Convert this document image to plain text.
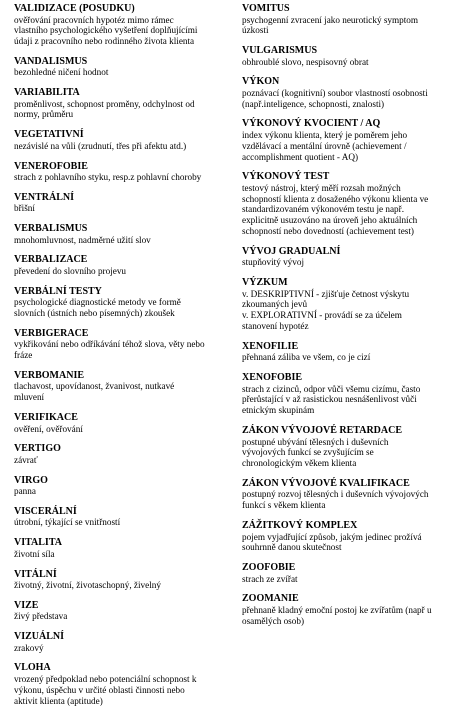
VALIDIZACE (POSUDKU)
ověřování pracovních hypotéz mimo rámec
vlastního psychologického vyšetření doplňujícími
údaji z pracovního nebo rodinného života klienta
VANDALISMUS
bezohledné ničení hodnot
VARIABILITA
proměnlivost, schopnost proměny, odchylnost od
normy, průměru
VEGETATIVNÍ
nezávislé na vůli (zrudnutí, třes při afektu atd.)
VENEROFOBIE
strach z pohlavního styku, resp.z pohlavní choroby
VENTRÁLNÍ
břišní
VERBALISMUS
mnohomluvnost, nadměrné užití slov
VERBALIZACE
převedení do slovního projevu
VERBÁLNÍ TESTY
psychologické diagnostické metody ve formě
slovních (ústních nebo písemných) zkoušek
VERBIGERACE
vykřikování nebo odříkávání téhož slova, věty nebo
fráze
VERBOMANIE
tlachavost, upovídanost, žvanivost, nutkavé
mluvení
VERIFIKACE
ověření, ověřování
VERTIGO
závrať
VIRGO
panna
VISCERÁLNÍ
útrobní, týkající se vnitřností
VITALITA
životní síla
VITÁLNÍ
životný, životní, životaschopný, živelný
VIZE
živý představa
VIZUÁLNÍ
zrakový
VLOHA
vrozený předpoklad nebo potenciální schopnost k
výkonu, úspěchu v určité oblasti činnosti nebo
aktivit klienta (aptitude)
VOMITUS
psychogenní zvracení jako neurotický symptom
úzkosti
VULGARISMUS
obhroublé slovo, nespisovný obrat
VÝKON
poznávací (kognitivní) soubor vlastností osobnosti
(např.inteligence, schopnosti, znalosti)
VÝKONOVÝ KVOCIENT / AQ
index výkonu klienta, který je poměrem jeho
vzdělávací a mentální úrovně (achievement /
accomplishment quotient - AQ)
VÝKONOVÝ TEST
testový nástroj, který měří rozsah možných
schopností klienta z dosaženého výkonu klienta ve
standardizovaném výkonovém testu je např.
explicitně usuzováno na úroveň jeho aktuálních
schopností nebo dovedností (achievement test)
VÝVOJ GRADUALNÍ
stupňovitý vývoj
VÝZKUM
v. DESKRIPTIVNÍ - zjišťuje četnost výskytu
zkoumaných jevů
v. EXPLORATIVNÍ - provádí se za účelem
stanovení hypotéz
XENOFILIE
přehnaná záliba ve všem, co je cizí
XENOFOBIE
strach z cizinců, odpor vůči všemu cizímu, často
přerůstající v až rasistickou nesnášenlivost vůči
etnickým skupinám
ZÁKON VÝVOJOVÉ RETARDACE
postupné ubývání tělesných i duševních
vývojových funkcí se zvyšujícím se
chronologickým věkem klienta
ZÁKON VÝVOJOVÉ KVALIFIKACE
postupný rozvoj tělesných i duševních vývojových
funkcí s věkem klienta
ZÁŽITKOVÝ KOMPLEX
pojem vyjadřující způsob, jakým jedinec prožívá
souhrnně danou skutečnost
ZOOFOBIE
strach ze zvířat
ZOOMANIE
přehnaně kladný emoční postoj ke zvířatům (např u
osamělých osob)
